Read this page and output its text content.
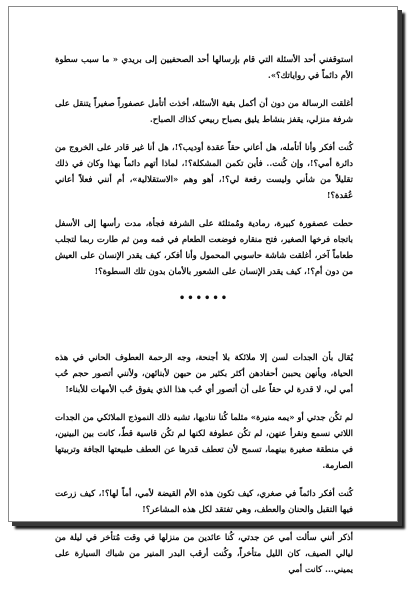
استوقفني أحد الأسئلة التي قام بإرسالها أحد الصحفيين إلى بريدي « ما سبب سطوة الأم دائماً في رواياتك؟».

أغلقت الرسالة من دون أن أكمل بقية الأسئلة، أخذت أتأمل عصفوراً صغيراً يتنقل على شرفة منزلي، يقفز بنشاط يليق بصباح ربيعي كذاك الصباح.

كُنت أفكر وأنا أتأمله، هل أعاني حقاً عقدة أوديب؟!، هل أنا غير قادر على الخروج من دائرة أمي؟!، وإن كُنت.. فأين تكمن المشكلة؟!، لماذا أتهم دائماً بهذا وكان في ذلك تقليلاً من شأني وليست رفعة لي؟!، أهو وهم «الاستقلالية»، أم أنني فعلاً أعاني عُقدة؟!

حطت عصفورة كبيرة، رمادية ومُمتلئة على الشرفة فجأة، مدت رأسها إلى الأسفل باتجاه فرخها الصغير، فتح منقاره فوضعت الطعام في فمه ومن ثم طارت ربما لتجلب طعاماً آخر، أغلقت شاشة حاسوبي المحمول وأنا أفكر، كيف يقدر الإنسان على العيش من دون أم؟!، كيف يقدر الإنسان على الشعور بالأمان بدون تلك السطوة؟!

••••••

يُقال بأن الجدات لسن إلا ملائكة بلا أجنحة، وجه الرحمة العطوف الحاني في هذه الحياة، ويأنهن يحببن أحفادهن أكثر بكثير من حبهن لأبنائهن، ولأنني أتصور حجم حُب أمي لي، لا قدرة لي حقاً على أن أتصور أي حُب هذا الذي يفوق حُب الأمهات للأبناء!

لم تكُن جدتي أو «يمه منيرة» مثلما كُنا نناديها، تشبه ذلك النموذج الملائكي من الجدات اللاتي نسمع ونقرأ عنهن، لم تكُن عطوفة لكنها لم تكُن قاسية قطّ، كانت بين البينين، في منطقة صغيرة بينهما، تسمح لأن تعطف قدرها عن العطف طبيعتها الجافة وتربيتها الصارمة.

كُنت أفكر دائماً في صغري، كيف تكون هذه الأم القيضة لأمي، أماً لها؟!، كيف زرعت فيها التقبل والحنان والعطف، وهي تفتقد لكل هذه المشاعر؟!

أذكر أنني سألت أمي عن جدتي، كُنا عائدين من منزلها في وقت مُتأخر في ليلة من ليالي الصيف، كان الليل متأخراً، وكُنت أرقب البدر المنير من شباك السيارة على يميني... كانت أمي
